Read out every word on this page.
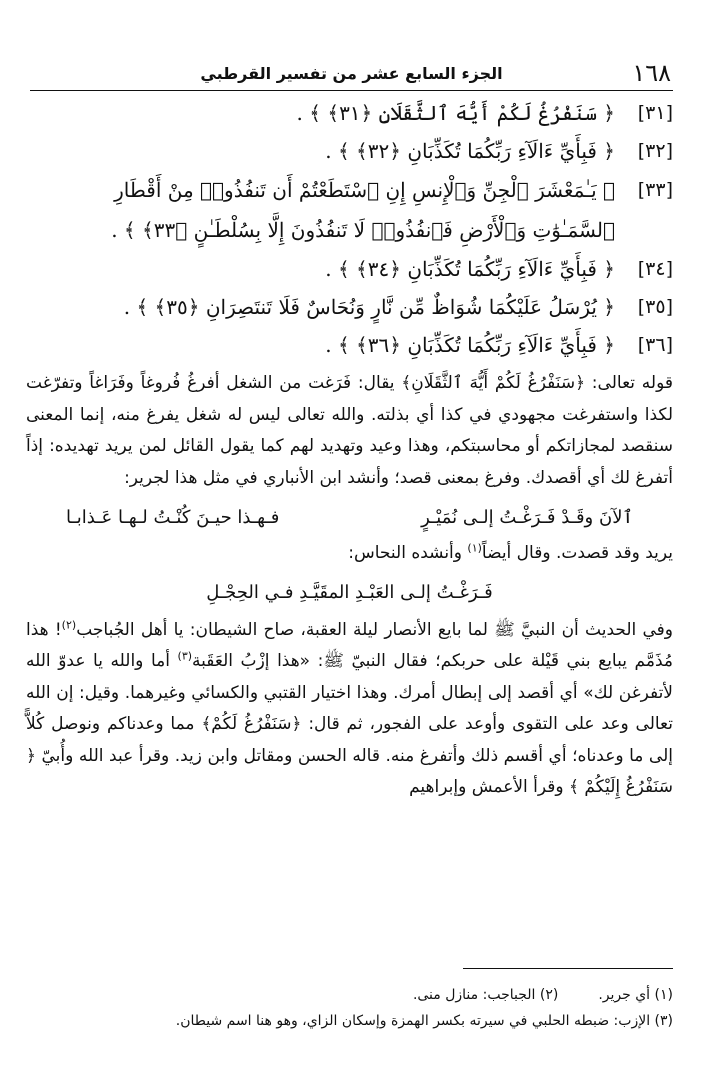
١٦٨
الجزء السابع عشر من تفسير القرطبي
[٣١]
﴿ سَنَفْرُغُ لَكُمْ أَيُّهَ ٱلثَّقَلَانِ ﴿٣١﴾ ﴾ .
[٣٢]
﴿ فَبِأَيِّ ءَالَآءِ رَبِّكُمَا تُكَذِّبَانِ ﴿٣٢﴾ ﴾ .
[٣٣]
﴿ يَـٰمَعْشَرَ ٱلْجِنِّ وَٱلْإِنسِ إِنِ ٱسْتَطَعْتُمْ أَن تَنفُذُوا۟ مِنْ أَقْطَارِ ٱلسَّمَـٰوَٰتِ وَٱلْأَرْضِ فَٱنفُذُوا۟ لَا تَنفُذُونَ إِلَّا بِسُلْطَـٰنٍ ﴿٣٣﴾ ﴾ .
[٣٤]
﴿ فَبِأَيِّ ءَالَآءِ رَبِّكُمَا تُكَذِّبَانِ ﴿٣٤﴾ ﴾ .
[٣٥]
﴿ يُرْسَلُ عَلَيْكُمَا شُوَاظٌ مِّن نَّارٍ وَنُحَاسٌ فَلَا تَنتَصِرَانِ ﴿٣٥﴾ ﴾ .
[٣٦]
﴿ فَبِأَيِّ ءَالَآءِ رَبِّكُمَا تُكَذِّبَانِ ﴿٣٦﴾ ﴾ .

قوله تعالى: ﴿سَنَفْرُغُ لَكُمْ أَيُّهَ ٱلثَّقَلَانِ﴾ يقال: فَرَغت من الشغل أفرغُ فُروغاً وفَرَاغاً وتفرّغت لكذا واستفرغت مجهودي في كذا أي بذلته. والله تعالى ليس له شغل يفرغ منه، إنما المعنى سنقصد لمجازاتكم أو محاسبتكم، وهذا وعيد وتهديد لهم كما يقول القائل لمن يريد تهديده: إذاً أتفرغ لك أي أقصدك. وفرغ بمعنى قصد؛ وأنشد ابن الأنباري في مثل هذا لجرير:

ٱلآنَ وقَـدْ فَـرَغْـتُ إلـى نُمَيْـرٍ
فـهـذا حيـنَ كُنْـتُ لـهـا عَـذابـا

يريد وقد قصدت. وقال أيضاً$^{(١)}$ وأنشده النحاس:

فَـرَغْـتُ إلـى العَبْـدِ المقَيَّـدِ فـي الحِجْـلِ

وفي الحديث أن النبيَّ ﷺ لما بايع الأنصار ليلة العقبة، صاح الشيطان: يا أهل الجُباجب$^{(٢)}$! هذا مُذَمَّم يبايع بني قَيْلة على حربكم؛ فقال النبيّ ﷺ: «هذا إزْبُ العَقَبة$^{(٣)}$ أما والله يا عدوّ الله لأتفرغن لك» أي أقصد إلى إبطال أمرك. وهذا اختيار القتبي والكسائي وغيرهما. وقيل: إن الله تعالى وعد على التقوى وأوعد على الفجور، ثم قال: ﴿سَنَفْرُغُ لَكُمْ﴾ مما وعدناكم ونوصل كُلاًّ إلى ما وعدناه؛ أي أقسم ذلك وأتفرغ منه. قاله الحسن ومقاتل وابن زيد. وقرأ عبد الله وأُبيّ ﴿ سَنَفْرُغُ إِلَيْكُمْ ﴾ وقرأ الأعمش وإبراهيم

(١) أي جرير.
(٢) الجباجب: منازل منى.

(٣) الإزب: ضبطه الحلبي في سيرته بكسر الهمزة وإسكان الزاي، وهو هنا اسم شيطان.
